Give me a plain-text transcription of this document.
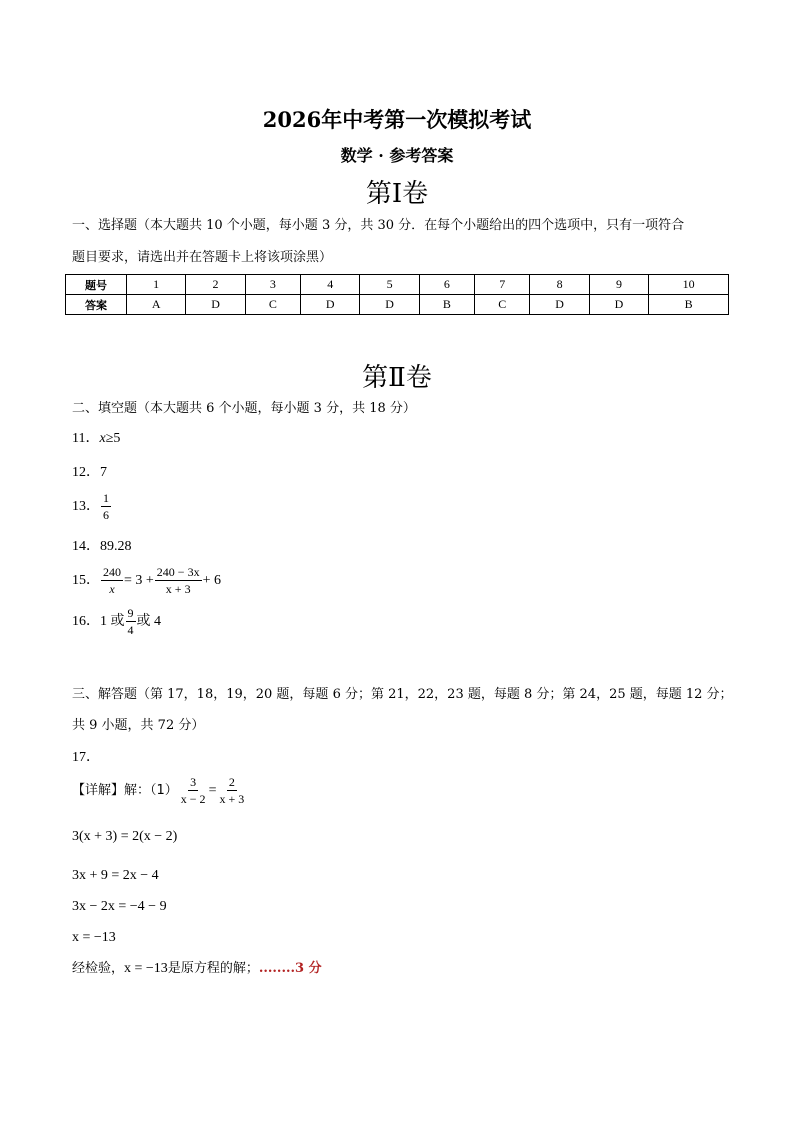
2026年中考第一次模拟考试
数学 · 参考答案
第Ⅰ卷
一、选择题（本大题共 10 个小题，每小题 3 分，共 30 分．在每个小题给出的四个选项中，只有一项符合
题目要求，请选出并在答题卡上将该项涂黑）
题号	1	2	3	4	5	6	7	8	9	10
答案	A	D	C	D	D	B	C	D	D	B
第Ⅱ卷
二、填空题（本大题共 6 个小题，每小题 3 分，共 18 分）
11．x≥5
12．7
13． $\frac{1}{6}$
14．89.28
15． $\frac{240}{x} = 3 + \frac{240 - 3x}{x + 3} + 6$
16． 1 或 $\frac{9}{4}$ 或 4
三、解答题（第 17，18，19，20 题，每题 6 分；第 21，22，23 题，每题 8 分；第 24，25 题，每题 12 分；
共 9 小题，共 72 分）
17．
【详解】解：$(1) \frac{3}{x - 2} = \frac{2}{x + 3}$
3(x + 3) = 2(x − 2)
3x + 9 = 2x − 4
3x − 2x = −4 − 9
x = −13
经检验，x = −13是原方程的解；........3 分
